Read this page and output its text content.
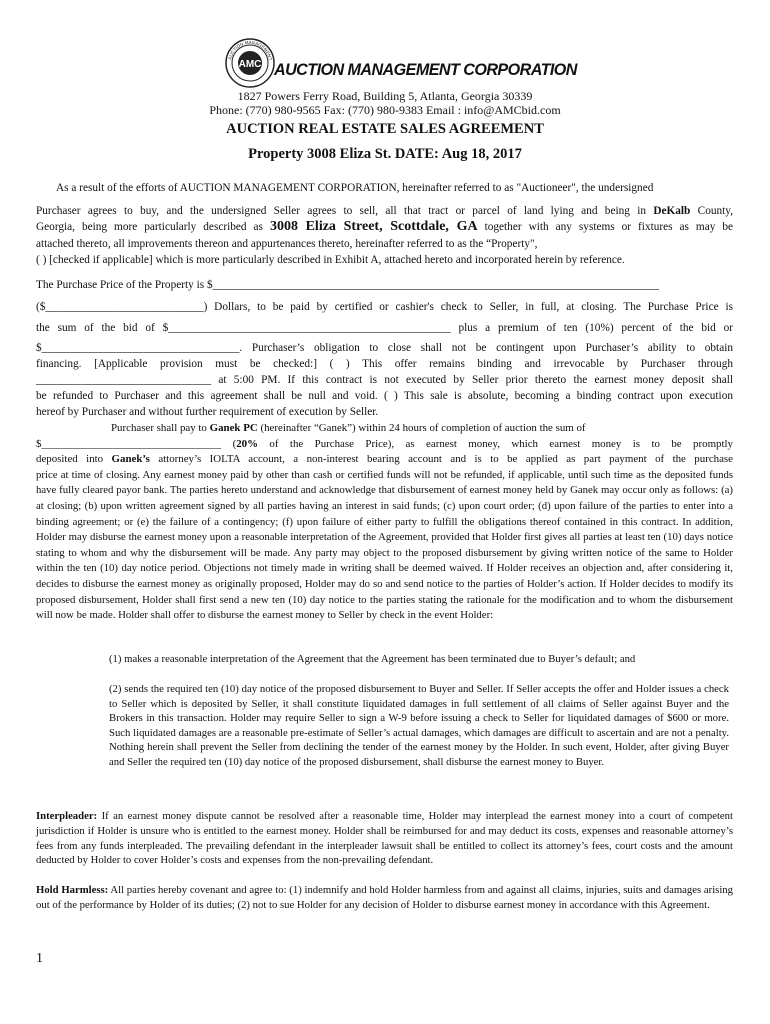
AMC
AUCTION MANAGEMENT
AUCTION MANAGEMENT CORPORATION
1827 Powers Ferry Road, Building 5, Atlanta, Georgia 30339
Phone: (770) 980-9565 Fax: (770) 980-9383 Email : info@AMCbid.com
AUCTION REAL ESTATE SALES AGREEMENT
Property 3008 Eliza St. DATE: Aug 18, 2017
As a result of the efforts of AUCTION MANAGEMENT CORPORATION, hereinafter referred to as "Auctioneer", the undersigned
Purchaser agrees to buy, and the undersigned Seller agrees to sell, all that tract or parcel of land lying and being in DeKalb County,
Georgia, being more particularly described as 3008 Eliza Street, Scottdale, GA together with any systems or fixtures as may be
attached thereto, all improvements thereon and appurtenances thereto, hereinafter referred to as the “Property",
( ) [checked if applicable] which is more particularly described in Exhibit A, attached hereto and incorporated herein by reference.
The Purchase Price of the Property is $_______________________________________________________________________________
($____________________________) Dollars, to be paid by certified or cashier's check to Seller, in full, at closing. The Purchase Price is
the sum of the bid of $__________________________________________________ plus a premium of ten (10%) percent of the bid or
$___________________________________. Purchaser’s obligation to close shall not be contingent upon Purchaser’s ability to obtain
financing. [Applicable provision must be checked:] ( ) This offer remains binding and irrevocable by Purchaser through
_______________________________ at 5:00 PM. If this contract is not executed by Seller prior thereto the earnest money deposit shall
be refunded to Purchaser and this agreement shall be null and void. ( ) This sale is absolute, becoming a binding contract upon execution
hereof by Purchaser and without further requirement of execution by Seller.
Purchaser shall pay to Ganek PC (hereinafter “Ganek”) within 24 hours of completion of auction the sum of
$_________________________________ (20% of the Purchase Price), as earnest money, which earnest money is to be promptly
deposited into Ganek’s attorney’s IOLTA account, a non-interest bearing account and is to be applied as part payment of the purchase
price at time of closing. Any earnest money paid by other than cash or certified funds will not be refunded, if applicable, until such time as the deposited funds have fully cleared payor bank. The parties hereto understand and acknowledge that disbursement of earnest money held by Ganek may occur only as follows: (a) at closing; (b) upon written agreement signed by all parties having an interest in said funds; (c) upon court order; (d) upon failure of the parties to enter into a binding agreement; or (e) the failure of a contingency; (f) upon failure of either party to fulfill the obligations thereof contained in this contract. In addition, Holder may disburse the earnest money upon a reasonable interpretation of the Agreement, provided that Holder first gives all parties at least ten (10) days notice stating to whom and why the disbursement will be made. Any party may object to the proposed disbursement by giving written notice of the same to Holder within the ten (10) day notice period. Objections not timely made in writing shall be deemed waived. If Holder receives an objection and, after considering it, decides to disburse the earnest money as originally proposed, Holder may do so and send notice to the parties of Holder’s action. If Holder decides to modify its proposed disbursement, Holder shall first send a new ten (10) day notice to the parties stating the rationale for the modification and to whom the disbursement will now be made. Holder shall offer to disburse the earnest money to Seller by check in the event Holder:
(1) makes a reasonable interpretation of the Agreement that the Agreement has been terminated due to Buyer’s default; and
(2) sends the required ten (10) day notice of the proposed disbursement to Buyer and Seller. If Seller accepts the offer and Holder issues a check to Seller which is deposited by Seller, it shall constitute liquidated damages in full settlement of all claims of Seller against Buyer and the Brokers in this transaction. Holder may require Seller to sign a W-9 before issuing a check to Seller for liquidated damages of $600 or more. Such liquidated damages are a reasonable pre-estimate of Seller’s actual damages, which damages are difficult to ascertain and are not a penalty. Nothing herein shall prevent the Seller from declining the tender of the earnest money by the Holder. In such event, Holder, after giving Buyer and Seller the required ten (10) day notice of the proposed disbursement, shall disburse the earnest money to Buyer.
Interpleader: If an earnest money dispute cannot be resolved after a reasonable time, Holder may interplead the earnest money into a court of competent jurisdiction if Holder is unsure who is entitled to the earnest money. Holder shall be reimbursed for and may deduct its costs, expenses and reasonable attorney’s fees from any funds interpleaded. The prevailing defendant in the interpleader lawsuit shall be entitled to collect its attorney’s fees, court costs and the amount deducted by Holder to cover Holder’s costs and expenses from the non-prevailing defendant.
Hold Harmless: All parties hereby covenant and agree to: (1) indemnify and hold Holder harmless from and against all claims, injuries, suits and damages arising out of the performance by Holder of its duties; (2) not to sue Holder for any decision of Holder to disburse earnest money in accordance with this Agreement.
1
